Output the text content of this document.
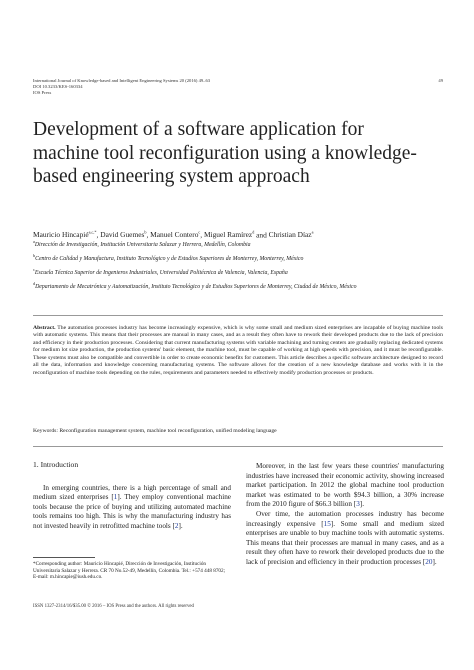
International Journal of Knowledge-based and Intelligent Engineering Systems 20 (2016) 49–63
DOI 10.3233/KES-160334
IOS Press
49
Development of a software application for machine tool reconfiguration using a knowledge-based engineering system approach
Mauricio Hincapié$^{a,c,*}$, David Guemes$^b$, Manuel Contero$^c$, Miguel Ramírez$^d$ and Christian Díaz$^a$

$^a$Dirección de Investigación, Institución Universitaria Salazar y Herrera, Medellín, Colombia

$^b$Centro de Calidad y Manufactura, Instituto Tecnológico y de Estudios Superiores de Monterrey, Monterrey, México

$^c$Escuela Técnica Superior de Ingenieros Industriales, Universidad Politécnica de Valencia, Valencia, España

$^d$Departamento de Mecatrónica y Automatización, Instituto Tecnológico y de Estudios Superiores de Monterrey, Ciudad de México, México

Abstract. The automation processes industry has become increasingly expensive, which is why some small and medium sized enterprises are incapable of buying machine tools with automatic systems. This means that their processes are manual in many cases, and as a result they often have to rework their developed products due to the lack of precision and efficiency in their production processes. Considering that current manufacturing systems with variable machining and turning centers are gradually replacing dedicated systems for medium lot size production, the production systems' basic element, the machine tool, must be capable of working at high speeds with precision, and it must be reconfigurable. These systems must also be compatible and convertible in order to create economic benefits for customers. This article describes a specific software architecture designed to record all the data, information and knowledge concerning manufacturing systems. The software allows for the creation of a new knowledge database and works with it in the reconfiguration of machine tools depending on the rules, requirements and parameters needed to effectively modify production processes or products.
Keywords: Reconfiguration management system, machine tool reconfiguration, unified modeling language
1. Introduction

In emerging countries, there is a high percentage of small and medium sized enterprises [1]. They employ conventional machine tools because the price of buying and utilizing automated machine tools remains too high. This is why the manufacturing industry has not invested heavily in retrofitted machine tools [2].

*Corresponding author: Mauricio Hincapié, Dirección de Investigación, Institución Universitaria Salazar y Herrera. CR 70 No.52-49, Medellín, Colombia. Tel.: +574 448 8702; E-mail: m.hincapie@iush.edu.co.

Moreover, in the last few years these countries' manufacturing industries have increased their economic activity, showing increased market participation. In 2012 the global machine tool production market was estimated to be worth $94.3 billion, a 30% increase from the 2010 figure of $66.3 billion [3].

Over time, the automation processes industry has become increasingly expensive [15]. Some small and medium sized enterprises are unable to buy machine tools with automatic systems. This means that their processes are manual in many cases, and as a result they often have to rework their developed products due to the lack of precision and efficiency in their production processes [20].

ISSN 1327-2314/16/$35.00 © 2016 – IOS Press and the authors. All rights reserved
